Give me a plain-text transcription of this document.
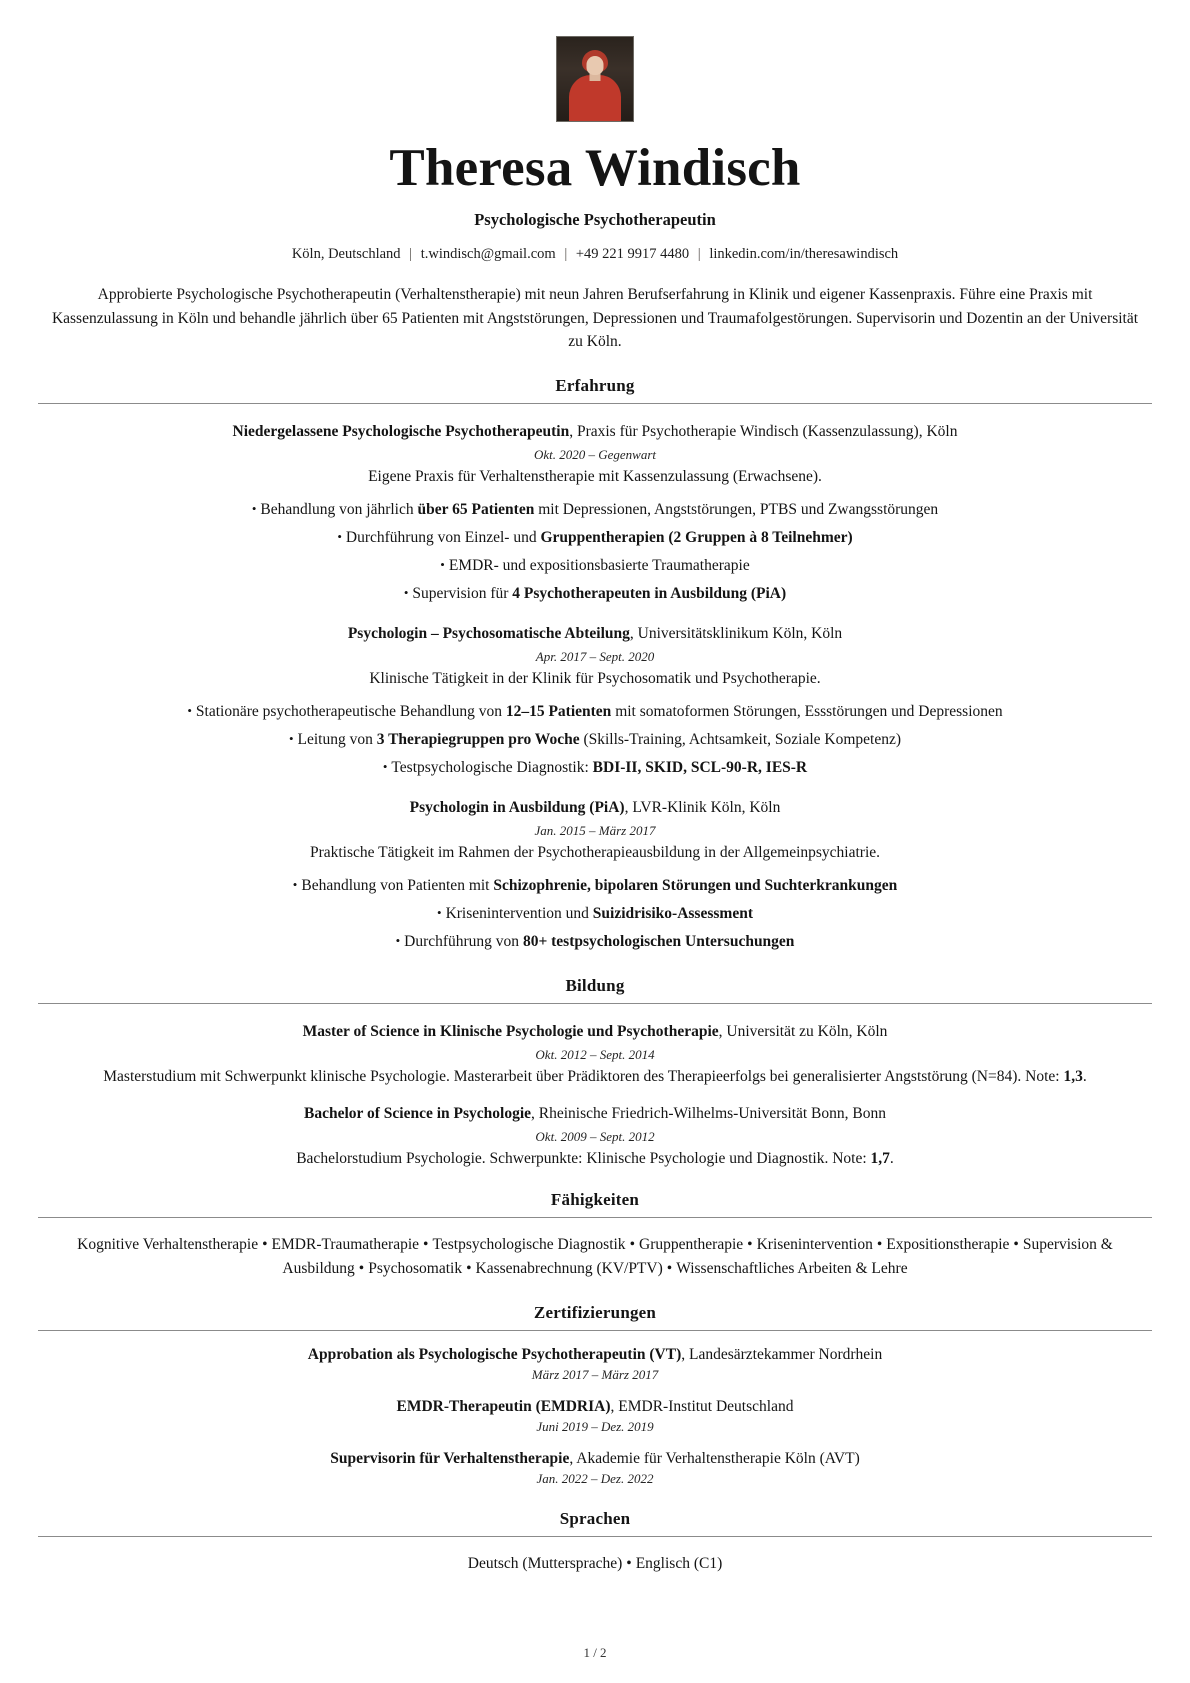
Theresa Windisch
Psychologische Psychotherapeutin
Köln, Deutschland | t.windisch@gmail.com | +49 221 9917 4480 | linkedin.com/in/theresawindisch
Approbierte Psychologische Psychotherapeutin (Verhaltenstherapie) mit neun Jahren Berufserfahrung in Klinik und eigener Kassenpraxis. Führe eine Praxis mit Kassenzulassung in Köln und behandle jährlich über 65 Patienten mit Angststörungen, Depressionen und Traumafolgestörungen. Supervisorin und Dozentin an der Universität zu Köln.
Erfahrung
Niedergelassene Psychologische Psychotherapeutin, Praxis für Psychotherapie Windisch (Kassenzulassung), Köln
Okt. 2020 – Gegenwart
Eigene Praxis für Verhaltenstherapie mit Kassenzulassung (Erwachsene).
• Behandlung von jährlich über 65 Patienten mit Depressionen, Angststörungen, PTBS und Zwangsstörungen
• Durchführung von Einzel- und Gruppentherapien (2 Gruppen à 8 Teilnehmer)
• EMDR- und expositionsbasierte Traumatherapie
• Supervision für 4 Psychotherapeuten in Ausbildung (PiA)
Psychologin – Psychosomatische Abteilung, Universitätsklinikum Köln, Köln
Apr. 2017 – Sept. 2020
Klinische Tätigkeit in der Klinik für Psychosomatik und Psychotherapie.
• Stationäre psychotherapeutische Behandlung von 12–15 Patienten mit somatoformen Störungen, Essstörungen und Depressionen
• Leitung von 3 Therapiegruppen pro Woche (Skills-Training, Achtsamkeit, Soziale Kompetenz)
• Testpsychologische Diagnostik: BDI-II, SKID, SCL-90-R, IES-R
Psychologin in Ausbildung (PiA), LVR-Klinik Köln, Köln
Jan. 2015 – März 2017
Praktische Tätigkeit im Rahmen der Psychotherapieausbildung in der Allgemeinpsychiatrie.
• Behandlung von Patienten mit Schizophrenie, bipolaren Störungen und Suchterkrankungen
• Krisenintervention und Suizidrisiko-Assessment
• Durchführung von 80+ testpsychologischen Untersuchungen
Bildung
Master of Science in Klinische Psychologie und Psychotherapie, Universität zu Köln, Köln
Okt. 2012 – Sept. 2014
Masterstudium mit Schwerpunkt klinische Psychologie. Masterarbeit über Prädiktoren des Therapieerfolgs bei generalisierter Angststörung (N=84). Note: 1,3.
Bachelor of Science in Psychologie, Rheinische Friedrich-Wilhelms-Universität Bonn, Bonn
Okt. 2009 – Sept. 2012
Bachelorstudium Psychologie. Schwerpunkte: Klinische Psychologie und Diagnostik. Note: 1,7.
Fähigkeiten
Kognitive Verhaltenstherapie • EMDR-Traumatherapie • Testpsychologische Diagnostik • Gruppentherapie • Krisenintervention • Expositionstherapie • Supervision & Ausbildung • Psychosomatik • Kassenabrechnung (KV/PTV) • Wissenschaftliches Arbeiten & Lehre
Zertifizierungen
Approbation als Psychologische Psychotherapeutin (VT), Landesärztekammer Nordrhein
März 2017 – März 2017
EMDR-Therapeutin (EMDRIA), EMDR-Institut Deutschland
Juni 2019 – Dez. 2019
Supervisorin für Verhaltenstherapie, Akademie für Verhaltenstherapie Köln (AVT)
Jan. 2022 – Dez. 2022
Sprachen
Deutsch (Muttersprache) • Englisch (C1)
1 / 2
